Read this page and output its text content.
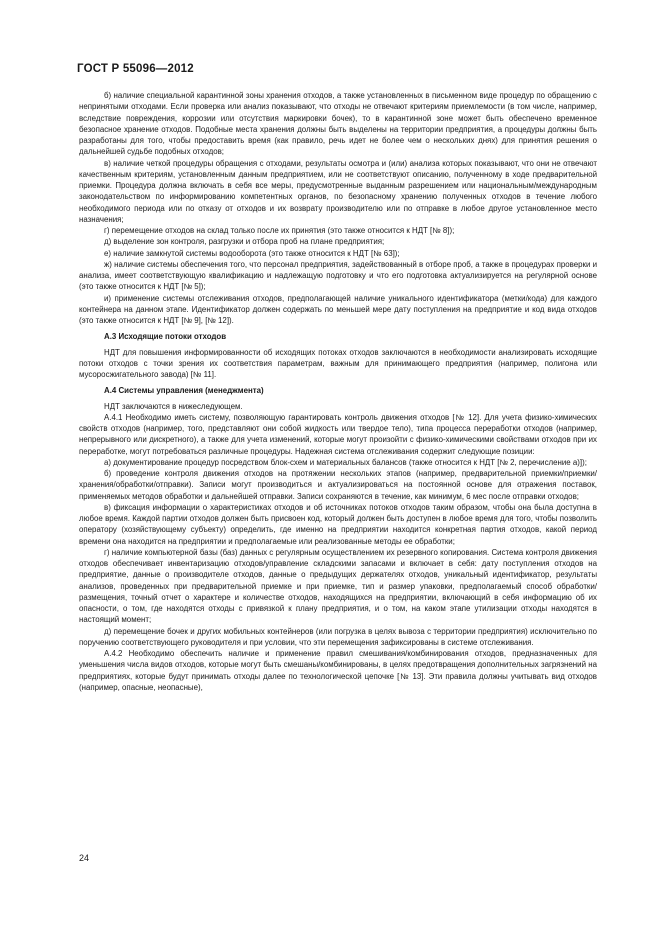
ГОСТ Р 55096—2012

б) наличие специальной карантинной зоны хранения отходов, а также установленных в письменном виде процедур по обращению с непринятыми отходами. Если проверка или анализ показывают, что отходы не отвечают критериям приемлемости (в том числе, например, вследствие повреждения, коррозии или отсутствия маркировки бочек), то в карантинной зоне может быть обеспечено временное безопасное хранение отходов. Подобные места хранения должны быть выделены на территории предприятия, а процедуры должны быть разработаны для того, чтобы предоставить время (как правило, речь идет не более чем о нескольких днях) для принятия решения о дальнейшей судьбе подобных отходов;

в) наличие четкой процедуры обращения с отходами, результаты осмотра и (или) анализа которых показывают, что они не отвечают качественным критериям, установленным данным предприятием, или не соответствуют описанию, полученному в ходе предварительной приемки. Процедура должна включать в себя все меры, предусмотренные выданным разрешением или национальным/международным законодательством по информированию компетентных органов, по безопасному хранению полученных отходов в течение любого необходимого периода или по отказу от отходов и их возврату производителю или по отправке в любое другое установленное место назначения;

г) перемещение отходов на склад только после их принятия (это также относится к НДТ [№ 8]);

д) выделение зон контроля, разгрузки и отбора проб на плане предприятия;

е) наличие замкнутой системы водооборота (это также относится к НДТ [№ 63]);

ж) наличие системы обеспечения того, что персонал предприятия, задействованный в отборе проб, а также в процедурах проверки и анализа, имеет соответствующую квалификацию и надлежащую подготовку и что его подготовка актуализируется на регулярной основе (это также относится к НДТ [№ 5]);

и) применение системы отслеживания отходов, предполагающей наличие уникального идентификатора (метки/кода) для каждого контейнера на данном этапе. Идентификатор должен содержать по меньшей мере дату поступления на предприятие и код вида отходов (это также относится к НДТ [№ 9], [№ 12]).

А.3 Исходящие потоки отходов

НДТ для повышения информированности об исходящих потоках отходов заключаются в необходимости анализировать исходящие потоки отходов с точки зрения их соответствия параметрам, важным для принимающего предприятия (например, полигона или мусоросжигательного завода) [№ 11].

А.4 Системы управления (менеджмента)

НДТ заключаются в нижеследующем.

А.4.1 Необходимо иметь систему, позволяющую гарантировать контроль движения отходов [№ 12]. Для учета физико-химических свойств отходов (например, того, представляют они собой жидкость или твердое тело), типа процесса переработки отходов (например, непрерывного или дискретного), а также для учета изменений, которые могут произойти с физико-химическими свойствами отходов при их переработке, могут потребоваться различные процедуры. Надежная система отслеживания содержит следующие позиции:

а) документирование процедур посредством блок-схем и материальных балансов (также относится к НДТ [№ 2, перечисление а)]);

б) проведение контроля движения отходов на протяжении нескольких этапов (например, предварительной приемки/приемки/хранения/обработки/отправки). Записи могут производиться и актуализироваться на постоянной основе для отражения поставок, применяемых методов обработки и дальнейшей отправки. Записи сохраняются в течение, как минимум, 6 мес после отправки отходов;

в) фиксация информации о характеристиках отходов и об источниках потоков отходов таким образом, чтобы она была доступна в любое время. Каждой партии отходов должен быть присвоен код, который должен быть доступен в любое время для того, чтобы позволить оператору (хозяйствующему субъекту) определить, где именно на предприятии находится конкретная партия отходов, какой период времени она находится на предприятии и предполагаемые или реализованные методы ее обработки;

г) наличие компьютерной базы (баз) данных с регулярным осуществлением их резервного копирования. Система контроля движения отходов обеспечивает инвентаризацию отходов/управление складскими запасами и включает в себя: дату поступления отходов на предприятие, данные о производителе отходов, данные о предыдущих держателях отходов, уникальный идентификатор, результаты анализов, проведенных при предварительной приемке и при приемке, тип и размер упаковки, предполагаемый способ обработки/размещения, точный отчет о характере и количестве отходов, находящихся на предприятии, включающий в себя информацию об их опасности, о том, где находятся отходы с привязкой к плану предприятия, и о том, на каком этапе утилизации отходы находятся в настоящий момент;

д) перемещение бочек и других мобильных контейнеров (или погрузка в целях вывоза с территории предприятия) исключительно по поручению соответствующего руководителя и при условии, что эти перемещения зафиксированы в системе отслеживания.

А.4.2 Необходимо обеспечить наличие и применение правил смешивания/комбинирования отходов, предназначенных для уменьшения числа видов отходов, которые могут быть смешаны/комбинированы, в целях предотвращения дополнительных загрязнений на предприятиях, которые будут принимать отходы далее по технологической цепочке [№ 13]. Эти правила должны учитывать вид отходов (например, опасные, неопасные),

24
